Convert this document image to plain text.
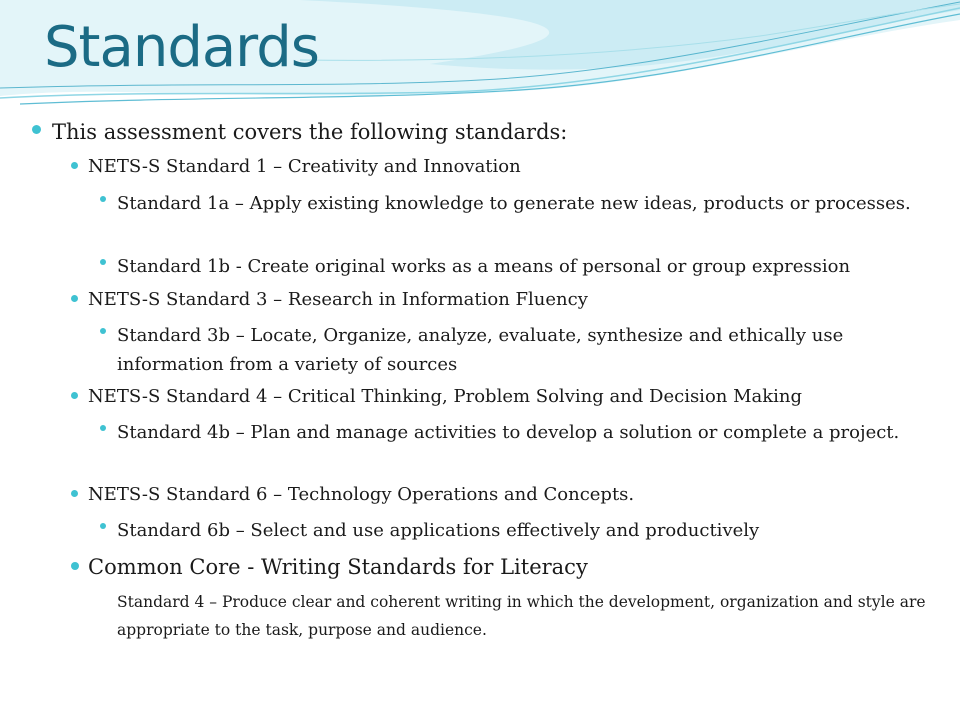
Standards
This assessment covers the following standards:
NETS-S Standard 1 – Creativity and Innovation
Standard 1a – Apply existing knowledge to generate new ideas, products or processes.
Standard 1b - Create original works as a means of personal or group expression
NETS-S Standard 3 – Research in Information Fluency
Standard 3b – Locate, Organize, analyze, evaluate, synthesize and ethically use information from a variety of sources
NETS-S Standard 4 – Critical Thinking, Problem Solving and Decision Making
Standard 4b – Plan and manage activities to develop a solution or complete a project.
NETS-S Standard 6 – Technology Operations and Concepts.
Standard 6b – Select and use applications effectively and productively
Common Core - Writing Standards for Literacy
Standard 4 – Produce clear and coherent writing in which the development, organization and style are appropriate to the task, purpose and audience.
